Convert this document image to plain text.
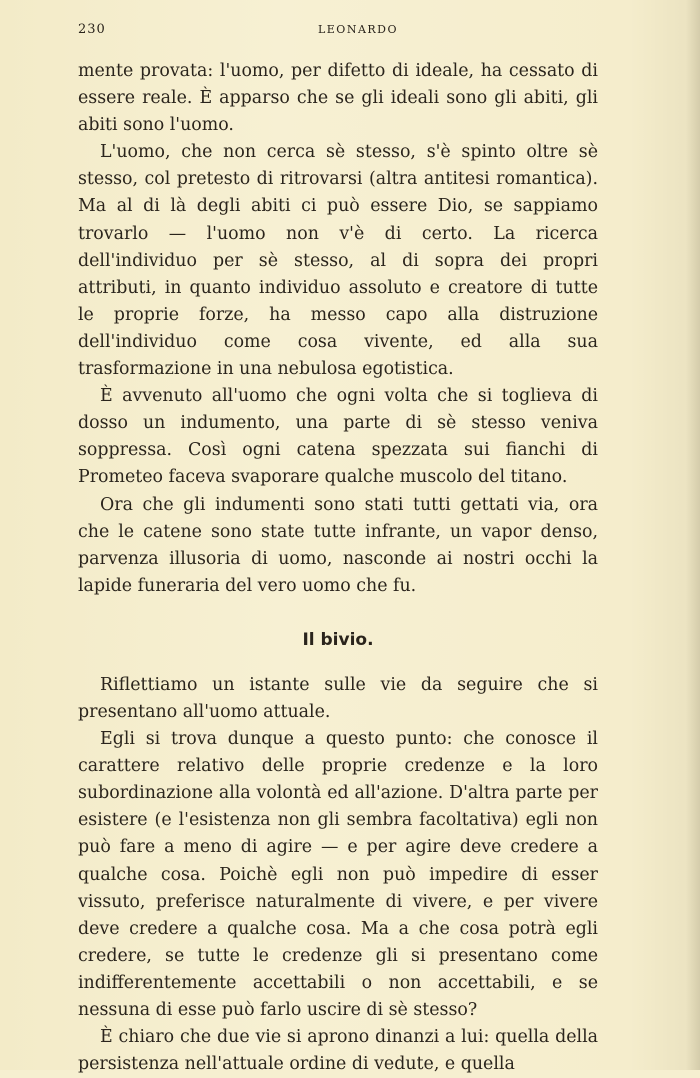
230	LEONARDO

mente provata: l'uomo, per difetto di ideale, ha cessato di essere reale. È apparso che se gli ideali sono gli abiti, gli abiti sono l'uomo.

L'uomo, che non cerca sè stesso, s'è spinto oltre sè stesso, col pretesto di ritrovarsi (altra antitesi romantica). Ma al di là degli abiti ci può essere Dio, se sappiamo trovarlo — l'uomo non v'è di certo. La ricerca dell'individuo per sè stesso, al di sopra dei propri attributi, in quanto individuo assoluto e creatore di tutte le proprie forze, ha messo capo alla distruzione dell'individuo come cosa vivente, ed alla sua trasformazione in una nebulosa egotistica.

È avvenuto all'uomo che ogni volta che si toglieva di dosso un indumento, una parte di sè stesso veniva soppressa. Così ogni catena spezzata sui fianchi di Prometeo faceva svaporare qualche muscolo del titano.

Ora che gli indumenti sono stati tutti gettati via, ora che le catene sono state tutte infrante, un vapor denso, parvenza illusoria di uomo, nasconde ai nostri occhi la lapide funeraria del vero uomo che fu.

Il bivio.

Riflettiamo un istante sulle vie da seguire che si presentano all'uomo attuale.

Egli si trova dunque a questo punto: che conosce il carattere relativo delle proprie credenze e la loro subordinazione alla volontà ed all'azione. D'altra parte per esistere (e l'esistenza non gli sembra facoltativa) egli non può fare a meno di agire — e per agire deve credere a qualche cosa. Poichè egli non può impedire di esser vissuto, preferisce naturalmente di vivere, e per vivere deve credere a qualche cosa. Ma a che cosa potrà egli credere, se tutte le credenze gli si presentano come indifferentemente accettabili o non accettabili, e se nessuna di esse può farlo uscire di sè stesso?

È chiaro che due vie si aprono dinanzi a lui: quella della persistenza nell'attuale ordine di vedute, e quella
